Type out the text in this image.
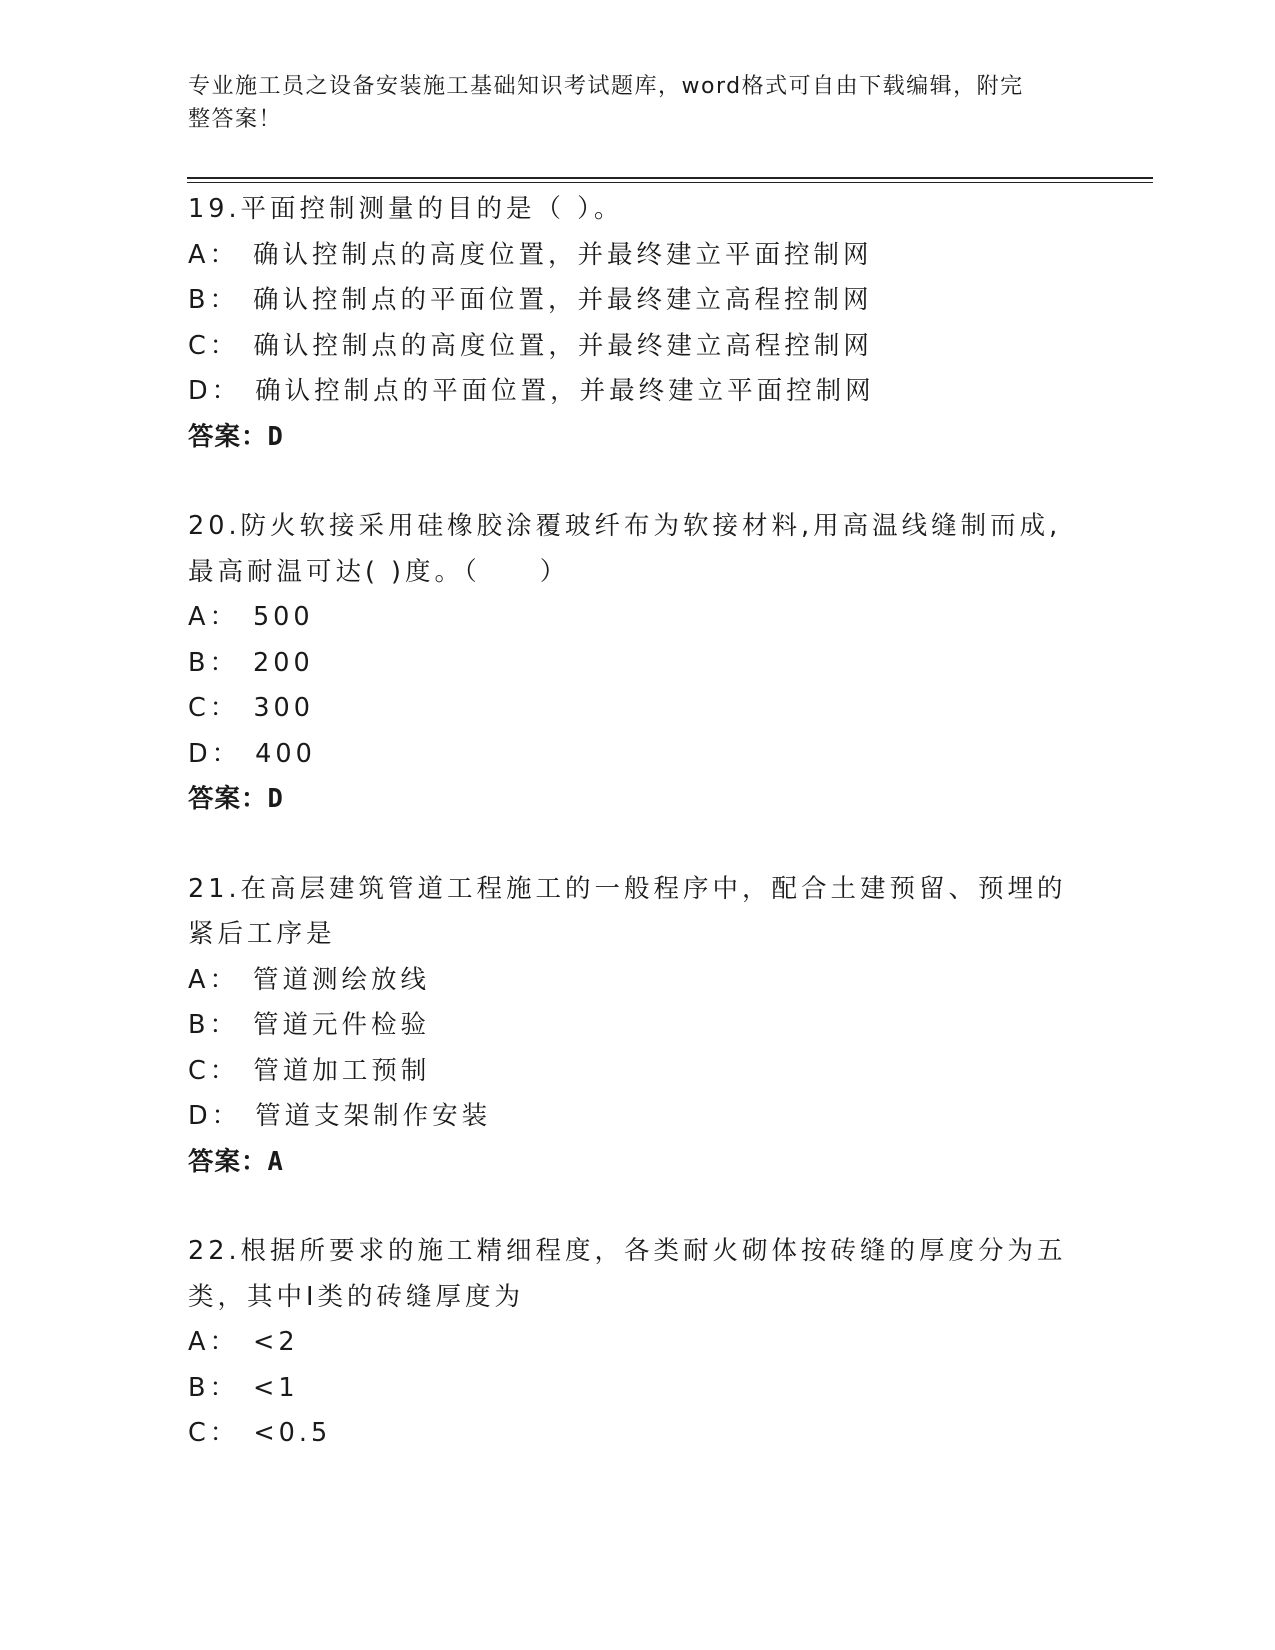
专业施工员之设备安装施工基础知识考试题库，word格式可自由下载编辑，附完
整答案！
19.平面控制测量的目的是（ ）。
A： 确认控制点的高度位置，并最终建立平面控制网
B： 确认控制点的平面位置，并最终建立高程控制网
C： 确认控制点的高度位置，并最终建立高程控制网
D： 确认控制点的平面位置，并最终建立平面控制网
答案：D
20.防火软接采用硅橡胶涂覆玻纤布为软接材料,用高温线缝制而成,最高耐温可达( )度。（　　）
A： 500
B： 200
C： 300
D： 400
答案：D
21.在高层建筑管道工程施工的一般程序中，配合土建预留、预埋的紧后工序是
A： 管道测绘放线
B： 管道元件检验
C： 管道加工预制
D： 管道支架制作安装
答案：A
22.根据所要求的施工精细程度，各类耐火砌体按砖缝的厚度分为五类，其中Ⅰ类的砖缝厚度为
A： <2
B： <1
C： <0.5
